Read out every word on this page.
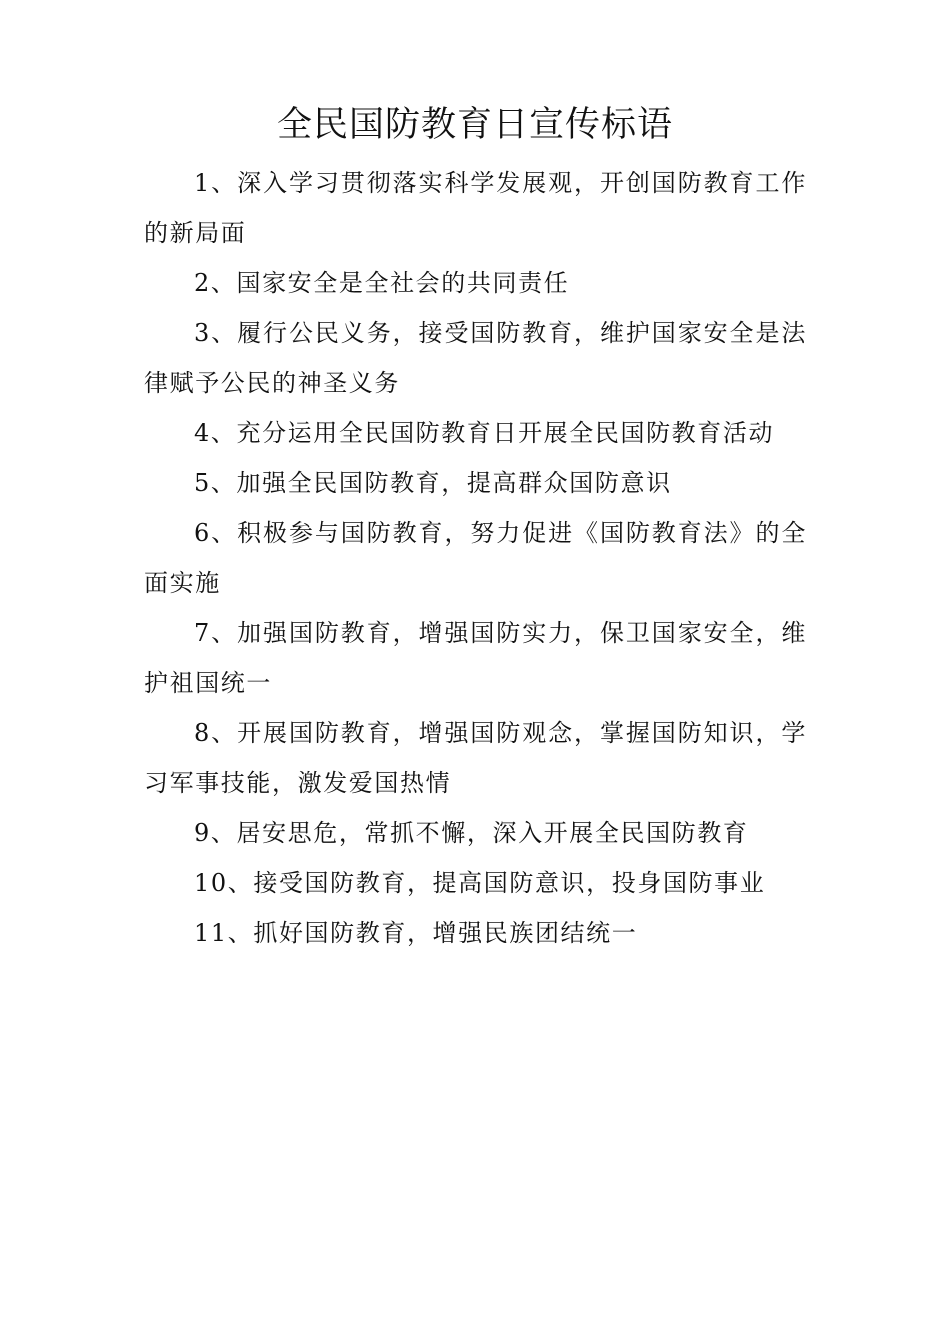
全民国防教育日宣传标语

1、深入学习贯彻落实科学发展观，开创国防教育工作的新局面

2、国家安全是全社会的共同责任

3、履行公民义务，接受国防教育，维护国家安全是法律赋予公民的神圣义务

4、充分运用全民国防教育日开展全民国防教育活动

5、加强全民国防教育，提高群众国防意识

6、积极参与国防教育，努力促进《国防教育法》的全面实施

7、加强国防教育，增强国防实力，保卫国家安全，维护祖国统一

8、开展国防教育，增强国防观念，掌握国防知识，学习军事技能，激发爱国热情

9、居安思危，常抓不懈，深入开展全民国防教育

10、接受国防教育，提高国防意识，投身国防事业

11、抓好国防教育，增强民族团结统一
